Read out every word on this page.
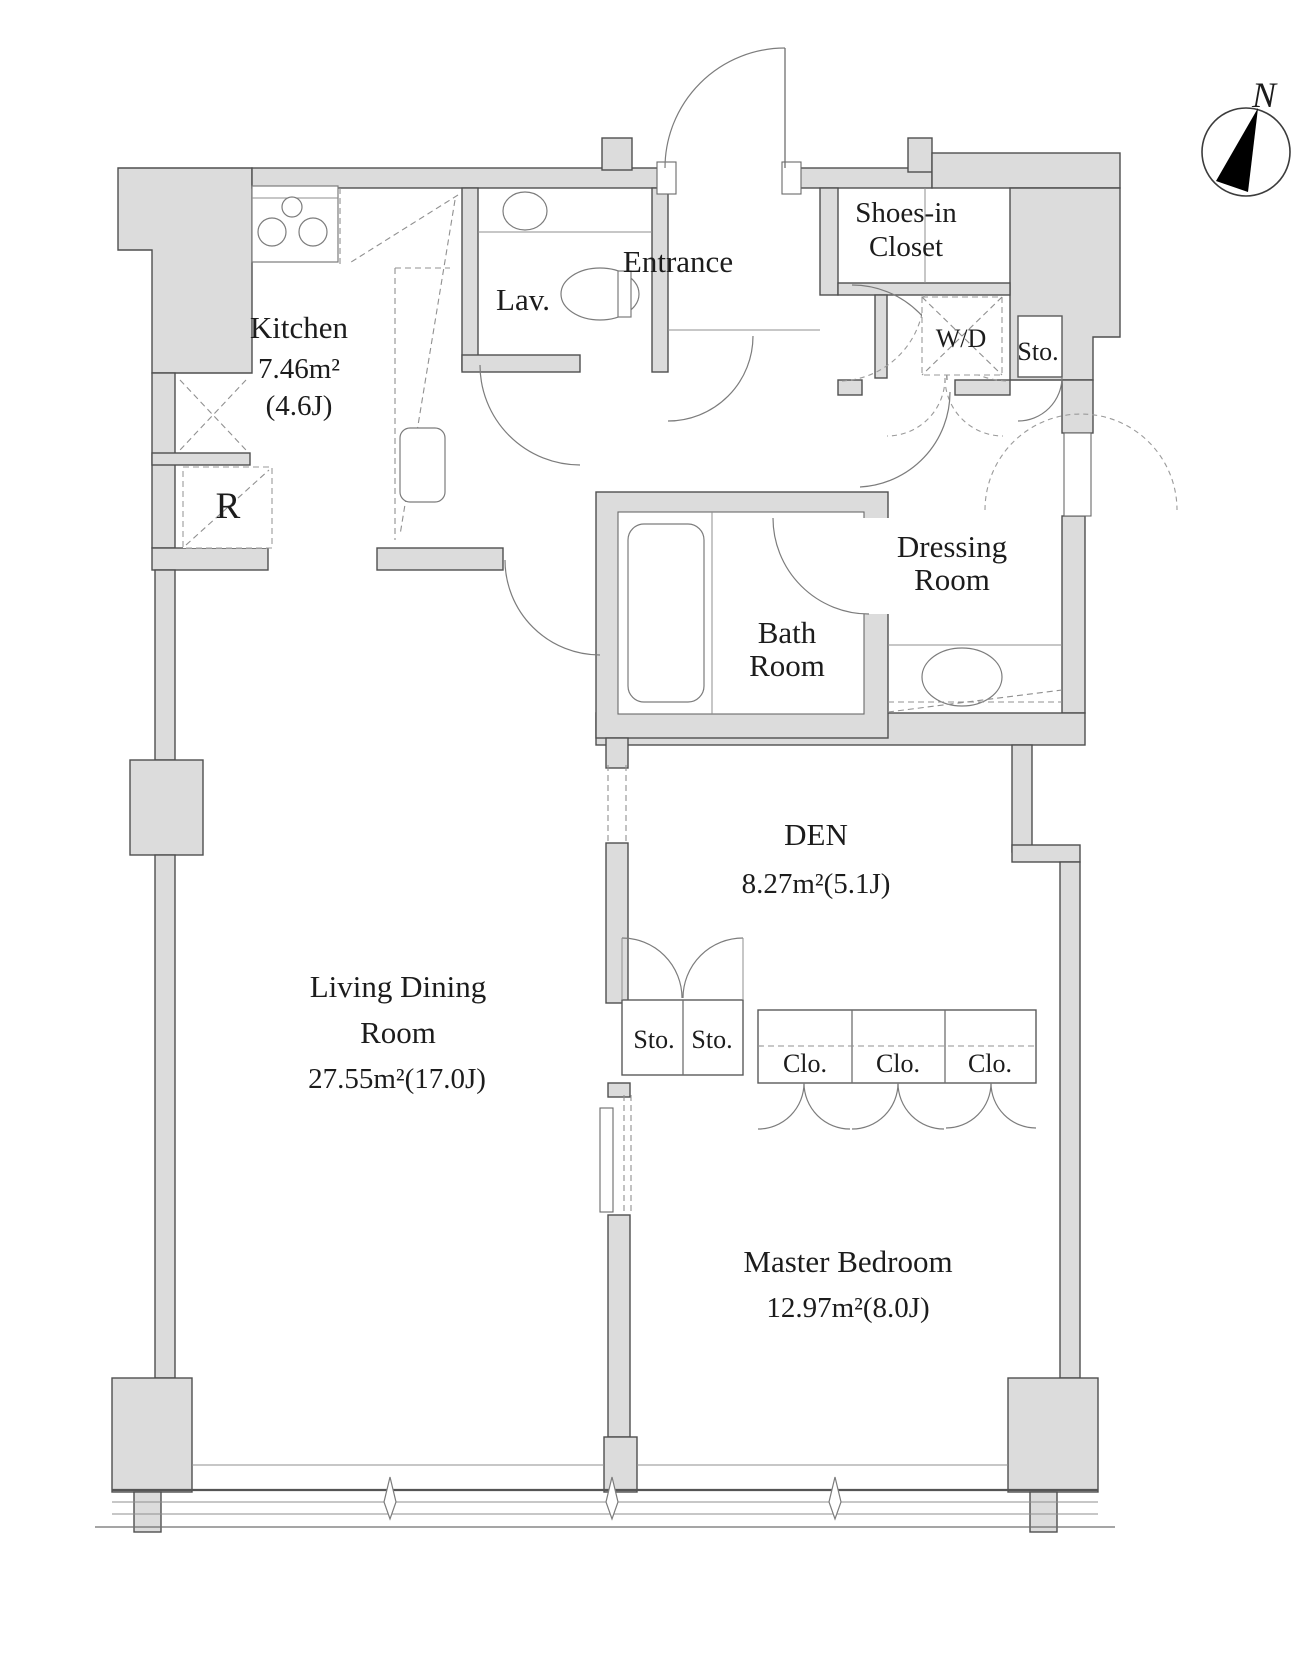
N
Kitchen
7.46m²
(4.6J)
Lav.
Entrance
Shoes-in
Closet
W/D Sto.
Dressing
Room
Bath
Room
DEN
8.27m²(5.1J)
Living Dining
Room
27.55m²(17.0J)
Sto. Sto.
Clo. Clo. Clo.
Master Bedroom
12.97m²(8.0J)
R
